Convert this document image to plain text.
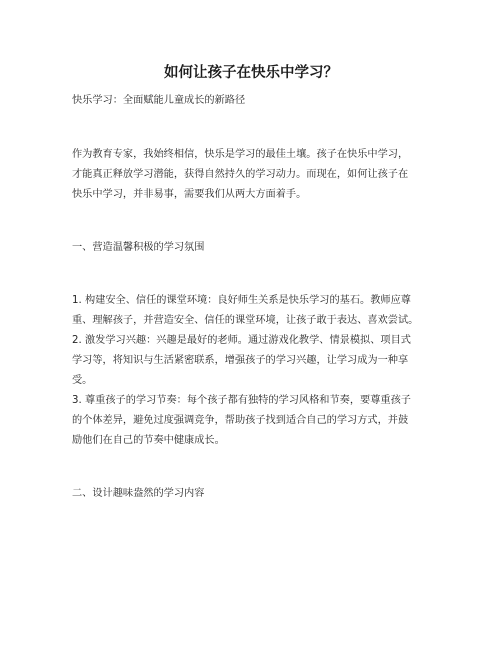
如何让孩子在快乐中学习？
快乐学习：全面赋能儿童成长的新路径
作为教育专家，我始终相信，快乐是学习的最佳土壤。孩子在快乐中学习，
才能真正释放学习潜能，获得自然持久的学习动力。而现在，如何让孩子在
快乐中学习，并非易事，需要我们从两大方面着手。
一、营造温馨积极的学习氛围
1. 构建安全、信任的课堂环境：良好师生关系是快乐学习的基石。教师应尊
重、理解孩子，并营造安全、信任的课堂环境，让孩子敢于表达、喜欢尝试。
2. 激发学习兴趣：兴趣是最好的老师。通过游戏化教学、情景模拟、项目式
学习等，将知识与生活紧密联系，增强孩子的学习兴趣，让学习成为一种享
受。
3. 尊重孩子的学习节奏：每个孩子都有独特的学习风格和节奏，要尊重孩子
的个体差异，避免过度强调竞争，帮助孩子找到适合自己的学习方式，并鼓
励他们在自己的节奏中健康成长。
二、设计趣味盎然的学习内容
